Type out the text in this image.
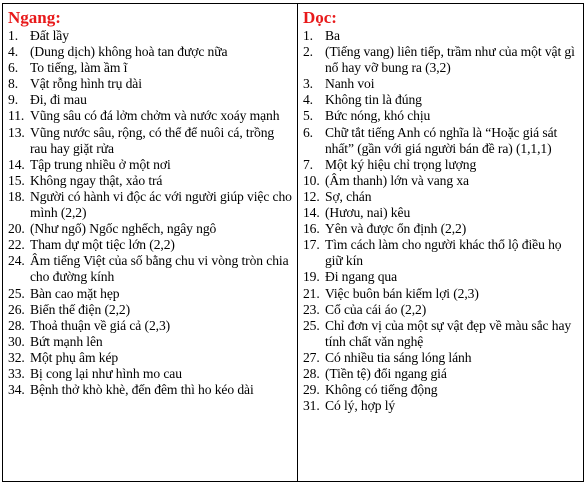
Ngang:
1. Đất lầy
4. (Dung dịch) không hoà tan được nữa
6. To tiếng, làm ầm ĩ
8. Vật rỗng hình trụ dài
9. Đi, đi mau
11. Vũng sâu có đá lởm chởm và nước xoáy mạnh
13. Vũng nước sâu, rộng, có thể để nuôi cá, trồng rau hay giặt rửa
14. Tập trung nhiều ở một nơi
15. Không ngay thật, xảo trá
18. Người có hành vi độc ác với người giúp việc cho mình (2,2)
20. (Như ngố) Ngốc nghếch, ngây ngô
22. Tham dự một tiệc lớn (2,2)
24. Âm tiếng Việt của số bằng chu vi vòng tròn chia cho đường kính
25. Bàn cao mặt hẹp
26. Biến thế điện (2,2)
28. Thoả thuận về giá cả (2,3)
30. Bứt mạnh lên
32. Một phụ âm kép
33. Bị cong lại như hình mo cau
34. Bệnh thở khò khè, đến đêm thì ho kéo dài
Dọc:
1. Ba
2. (Tiếng vang) liên tiếp, trầm như của một vật gì nổ hay vỡ bung ra (3,2)
3. Nanh voi
4. Không tin là đúng
5. Bức nóng, khó chịu
6. Chữ tắt tiếng Anh có nghĩa là “Hoặc giá sát nhất” (gần với giá người bán đề ra) (1,1,1)
7. Một ký hiệu chỉ trọng lượng
10. (Âm thanh) lớn và vang xa
12. Sợ, chán
14. (Hươu, nai) kêu
16. Yên và được ổn định (2,2)
17. Tìm cách làm cho người khác thổ lộ điều họ giữ kín
19. Đi ngang qua
21. Việc buôn bán kiếm lợi (2,3)
23. Cổ của cái áo (2,2)
25. Chỉ đơn vị của một sự vật đẹp về màu sắc hay tính chất văn nghệ
27. Có nhiều tia sáng lóng lánh
28. (Tiền tệ) đổi ngang giá
29. Không có tiếng động
31. Có lý, hợp lý
